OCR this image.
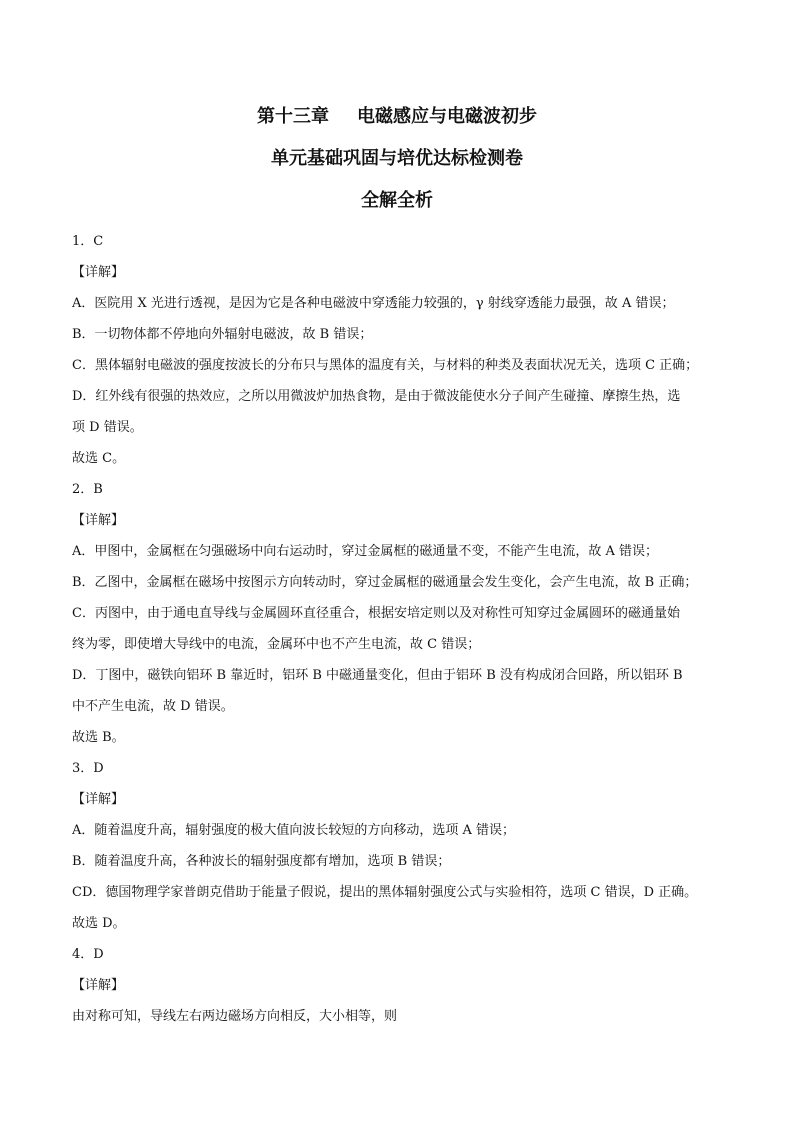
第十三章 电磁感应与电磁波初步
单元基础巩固与培优达标检测卷
全解全析
1．C
【详解】
A．医院用 X 光进行透视，是因为它是各种电磁波中穿透能力较强的，γ 射线穿透能力最强，故 A 错误；
B．一切物体都不停地向外辐射电磁波，故 B 错误；
C．黑体辐射电磁波的强度按波长的分布只与黑体的温度有关，与材料的种类及表面状况无关，选项 C 正确；
D．红外线有很强的热效应，之所以用微波炉加热食物，是由于微波能使水分子间产生碰撞、摩擦生热，选
项 D 错误。
故选 C。
2．B
【详解】
A．甲图中，金属框在匀强磁场中向右运动时，穿过金属框的磁通量不变，不能产生电流，故 A 错误；
B．乙图中，金属框在磁场中按图示方向转动时，穿过金属框的磁通量会发生变化，会产生电流，故 B 正确；
C．丙图中，由于通电直导线与金属圆环直径重合，根据安培定则以及对称性可知穿过金属圆环的磁通量始
终为零，即使增大导线中的电流，金属环中也不产生电流，故 C 错误；
D．丁图中，磁铁向铝环 B 靠近时，铝环 B 中磁通量变化，但由于铝环 B 没有构成闭合回路，所以铝环 B
中不产生电流，故 D 错误。
故选 B。
3．D
【详解】
A．随着温度升高，辐射强度的极大值向波长较短的方向移动，选项 A 错误；
B．随着温度升高，各种波长的辐射强度都有增加，选项 B 错误；
CD．德国物理学家普朗克借助于能量子假说，提出的黑体辐射强度公式与实验相符，选项 C 错误，D 正确。
故选 D。
4．D
【详解】
由对称可知，导线左右两边磁场方向相反，大小相等，则
